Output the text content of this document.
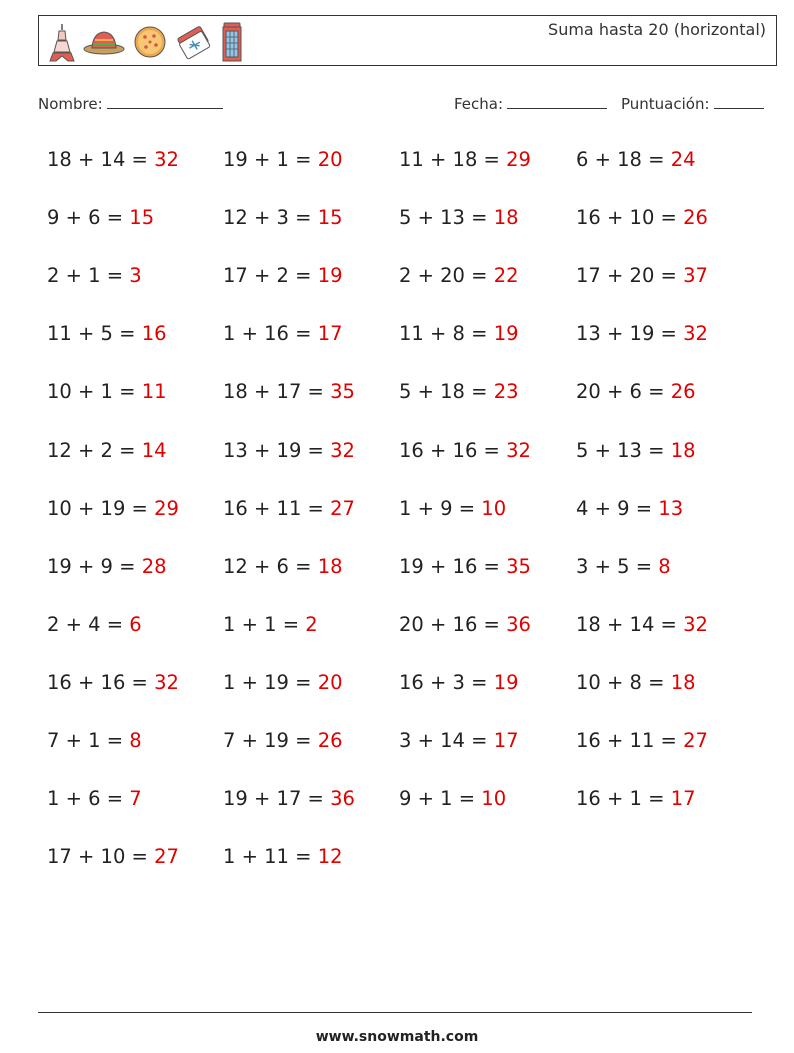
Suma hasta 20 (horizontal)
Nombre:	Fecha:	Puntuación:
18 + 14 = 32 19 + 1 = 20	11 + 18 = 29 6 + 18 = 24
9 + 6 = 15	12 + 3 = 15	5 + 13 = 18	16 + 10 = 26
2 + 1 = 3	17 + 2 = 19	2 + 20 = 22	17 + 20 = 37
11 + 5 = 16	1 + 16 = 17	11 + 8 = 19	13 + 19 = 32
10 + 1 = 11	18 + 17 = 35 5 + 18 = 23	20 + 6 = 26
12 + 2 = 14	13 + 19 = 32 16 + 16 = 32 5 + 13 = 18
10 + 19 = 29 16 + 11 = 27 1 + 9 = 10	4 + 9 = 13
19 + 9 = 28	12 + 6 = 18	19 + 16 = 35 3 + 5 = 8
2 + 4 = 6	1 + 1 = 2	20 + 16 = 36 18 + 14 = 32
16 + 16 = 32 1 + 19 = 20	16 + 3 = 19	10 + 8 = 18
7 + 1 = 8	7 + 19 = 26	3 + 14 = 17	16 + 11 = 27
1 + 6 = 7	19 + 17 = 36 9 + 1 = 10	16 + 1 = 17
17 + 10 = 27 1 + 11 = 12
www.snowmath.com
